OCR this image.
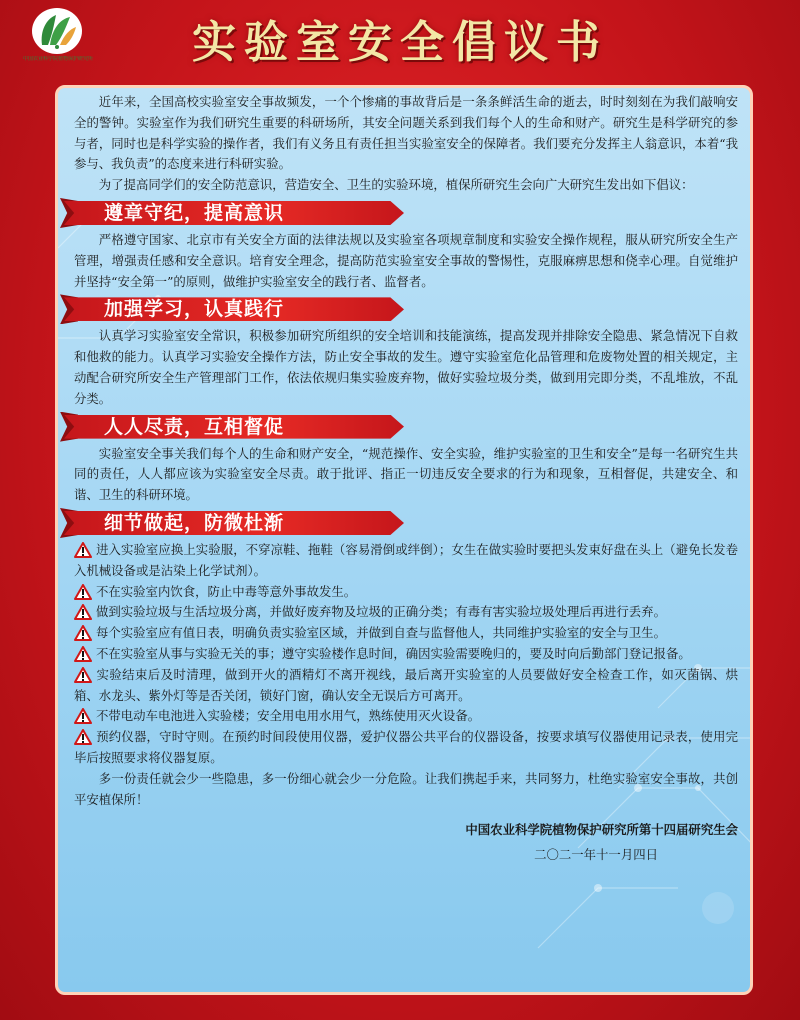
中国农业科学院植物保护研究所	实验室安全倡议书

近年来，全国高校实验室安全事故频发，一个个惨痛的事故背后是一条条鲜活生命的逝去，时时刻刻在为我们敲响安全的警钟。实验室作为我们研究生重要的科研场所，其安全问题关系到我们每个人的生命和财产。研究生是科学研究的参与者，同时也是科学实验的操作者，我们有义务且有责任担当实验室安全的保障者。我们要充分发挥主人翁意识，本着“我参与、我负责”的态度来进行科研实验。

为了提高同学们的安全防范意识，营造安全、卫生的实验环境，植保所研究生会向广大研究生发出如下倡议：

遵章守纪，提高意识

严格遵守国家、北京市有关安全方面的法律法规以及实验室各项规章制度和实验安全操作规程，服从研究所安全生产管理，增强责任感和安全意识。培育安全理念，提高防范实验室安全事故的警惕性，克服麻痹思想和侥幸心理。自觉维护并坚持“安全第一”的原则，做维护实验室安全的践行者、监督者。

加强学习，认真践行

认真学习实验室安全常识，积极参加研究所组织的安全培训和技能演练，提高发现并排除安全隐患、紧急情况下自救和他救的能力。认真学习实验安全操作方法，防止安全事故的发生。遵守实验室危化品管理和危废物处置的相关规定，主动配合研究所安全生产管理部门工作，依法依规归集实验废弃物，做好实验垃圾分类，做到用完即分类，不乱堆放，不乱分类。

人人尽责，互相督促

实验室安全事关我们每个人的生命和财产安全，“规范操作、安全实验，维护实验室的卫生和安全”是每一名研究生共同的责任，人人都应该为实验室安全尽责。敢于批评、指正一切违反安全要求的行为和现象，互相督促，共建安全、和谐、卫生的科研环境。

细节做起，防微杜渐

进入实验室应换上实验服，不穿凉鞋、拖鞋（容易滑倒或绊倒）；女生在做实验时要把头发束好盘在头上（避免长发卷入机械设备或是沾染上化学试剂）。

不在实验室内饮食，防止中毒等意外事故发生。

做到实验垃圾与生活垃圾分离，并做好废弃物及垃圾的正确分类；有毒有害实验垃圾处理后再进行丢弃。

每个实验室应有值日表，明确负责实验室区域，并做到自查与监督他人，共同维护实验室的安全与卫生。

不在实验室从事与实验无关的事；遵守实验楼作息时间，确因实验需要晚归的，要及时向后勤部门登记报备。

实验结束后及时清理，做到开火的酒精灯不离开视线，最后离开实验室的人员要做好安全检查工作，如灭菌锅、烘箱、水龙头、紫外灯等是否关闭，锁好门窗，确认安全无误后方可离开。

不带电动车电池进入实验楼；安全用电用水用气，熟练使用灭火设备。

预约仪器，守时守则。在预约时间段使用仪器，爱护仪器公共平台的仪器设备，按要求填写仪器使用记录表，使用完毕后按照要求将仪器复原。

多一份责任就会少一些隐患，多一份细心就会少一分危险。让我们携起手来，共同努力，杜绝实验室安全事故，共创平安植保所！

中国农业科学院植物保护研究所第十四届研究生会

二〇二一年十一月四日
